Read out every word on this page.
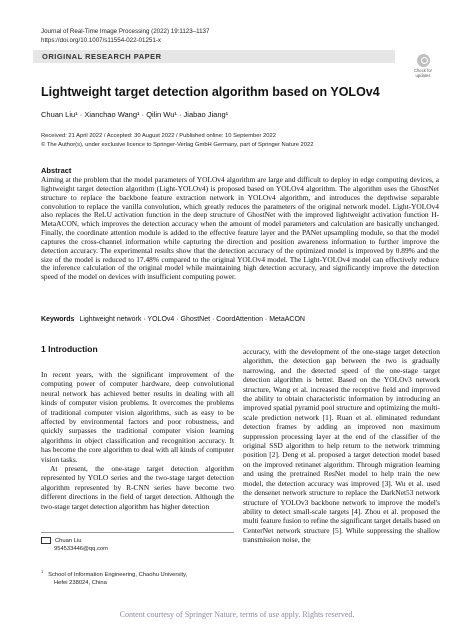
Journal of Real-Time Image Processing (2022) 19:1123–1137
https://doi.org/10.1007/s11554-022-01251-x
ORIGINAL RESEARCH PAPER
Check for
updates
Lightweight target detection algorithm based on YOLOv4
Chuan Liu¹ · Xianchao Wang¹ · Qilin Wu¹ · Jiabao Jiang¹
Received: 21 April 2022 / Accepted: 30 August 2022 / Published online: 10 September 2022
© The Author(s), under exclusive licence to Springer-Verlag GmbH Germany, part of Springer Nature 2022
Abstract
Aiming at the problem that the model parameters of YOLOv4 algorithm are large and difficult to deploy in edge computing devices, a lightweight target detection algorithm (Light-YOLOv4) is proposed based on YOLOv4 algorithm. The algorithm uses the GhostNet structure to replace the backbone feature extraction network in YOLOv4 algorithm, and introduces the depthwise separable convolution to replace the vanilla convolution, which greatly reduces the parameters of the original network model. Light-YOLOv4 also replaces the ReLU activation function in the deep structure of GhostNet with the improved lightweight activation function H-MetaACON, which improves the detection accuracy when the amount of model parameters and calculation are basically unchanged. Finally, the coordinate attention module is added to the effective feature layer and the PANet upsampling module, so that the model captures the cross-channel information while capturing the direction and position awareness information to further improve the detection accuracy. The experimental results show that the detection accuracy of the optimized model is improved by 0.89% and the size of the model is reduced to 17.48% compared to the original YOLOv4 model. The Light-YOLOv4 model can effectively reduce the inference calculation of the original model while maintaining high detection accuracy, and significantly improve the detection speed of the model on devices with insufficient computing power.
Keywords Lightweight network · YOLOv4 · GhostNet · CoordAttention · MetaACON
1 Introduction

In recent years, with the significant improvement of the computing power of computer hardware, deep convolutional neural network has achieved better results in dealing with all kinds of computer vision problems. It overcomes the problems of traditional computer vision algorithms, such as easy to be affected by environmental factors and poor robustness, and quickly surpasses the traditional computer vision learning algorithms in object classification and recognition accuracy. It has become the core algorithm to deal with all kinds of computer vision tasks.

At present, the one-stage target detection algorithm represented by YOLO series and the two-stage target detection algorithm represented by R-CNN series have become two different directions in the field of target detection. Although the two-stage target detection algorithm has higher detection

accuracy, with the development of the one-stage target detection algorithm, the detection gap between the two is gradually narrowing, and the detected speed of the one-stage target detection algorithm is better. Based on the YOLOv3 network structure, Wang et al. increased the receptive field and improved the ability to obtain characteristic information by introducing an improved spatial pyramid pool structure and optimizing the multi-scale prediction network [1]. Ruan et al. eliminated redundant detection frames by adding an improved non maximum suppression processing layer at the end of the classifier of the original SSD algorithm to help return to the network trimming position [2]. Deng et al. proposed a target detection model based on the improved retinanet algorithm. Through migration learning and using the pretrained ResNet model to help train the new model, the detection accuracy was improved [3]. Wu et al. used the densenet network structure to replace the DarkNet53 network structure of YOLOv3 backbone network to improve the model's ability to detect small-scale targets [4]. Zhou et al. proposed the multi feature fusion to refine the significant target details based on CenterNet network structure [5]. While suppressing the shallow transmission noise, the

Chuan Liu
954533446@qq.com
$^1$   School of Information Engineering, Chaohu University,
Hefei 238024, China
Content courtesy of Springer Nature, terms of use apply. Rights reserved.
